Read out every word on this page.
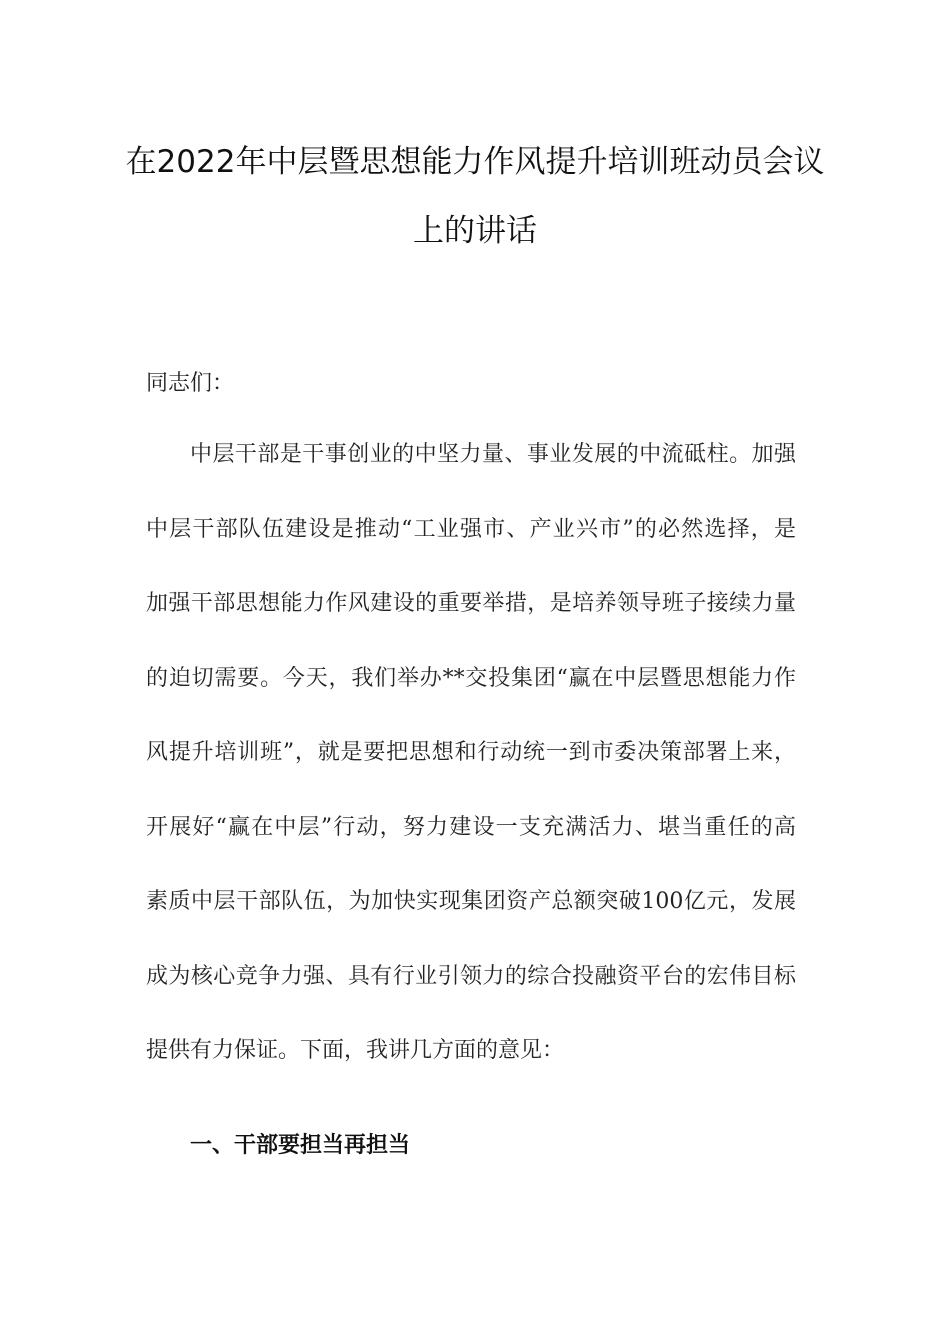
在2022年中层暨思想能力作风提升培训班动员会议
上的讲话
同志们：
中层干部是干事创业的中坚力量、事业发展的中流砥柱。加强
中层干部队伍建设是推动“工业强市、产业兴市”的必然选择，是
加强干部思想能力作风建设的重要举措，是培养领导班子接续力量
的迫切需要。今天，我们举办**交投集团“赢在中层暨思想能力作
风提升培训班”，就是要把思想和行动统一到市委决策部署上来，
开展好“赢在中层”行动，努力建设一支充满活力、堪当重任的高
素质中层干部队伍，为加快实现集团资产总额突破100亿元，发展
成为核心竞争力强、具有行业引领力的综合投融资平台的宏伟目标
提供有力保证。下面，我讲几方面的意见：
一、干部要担当再担当
